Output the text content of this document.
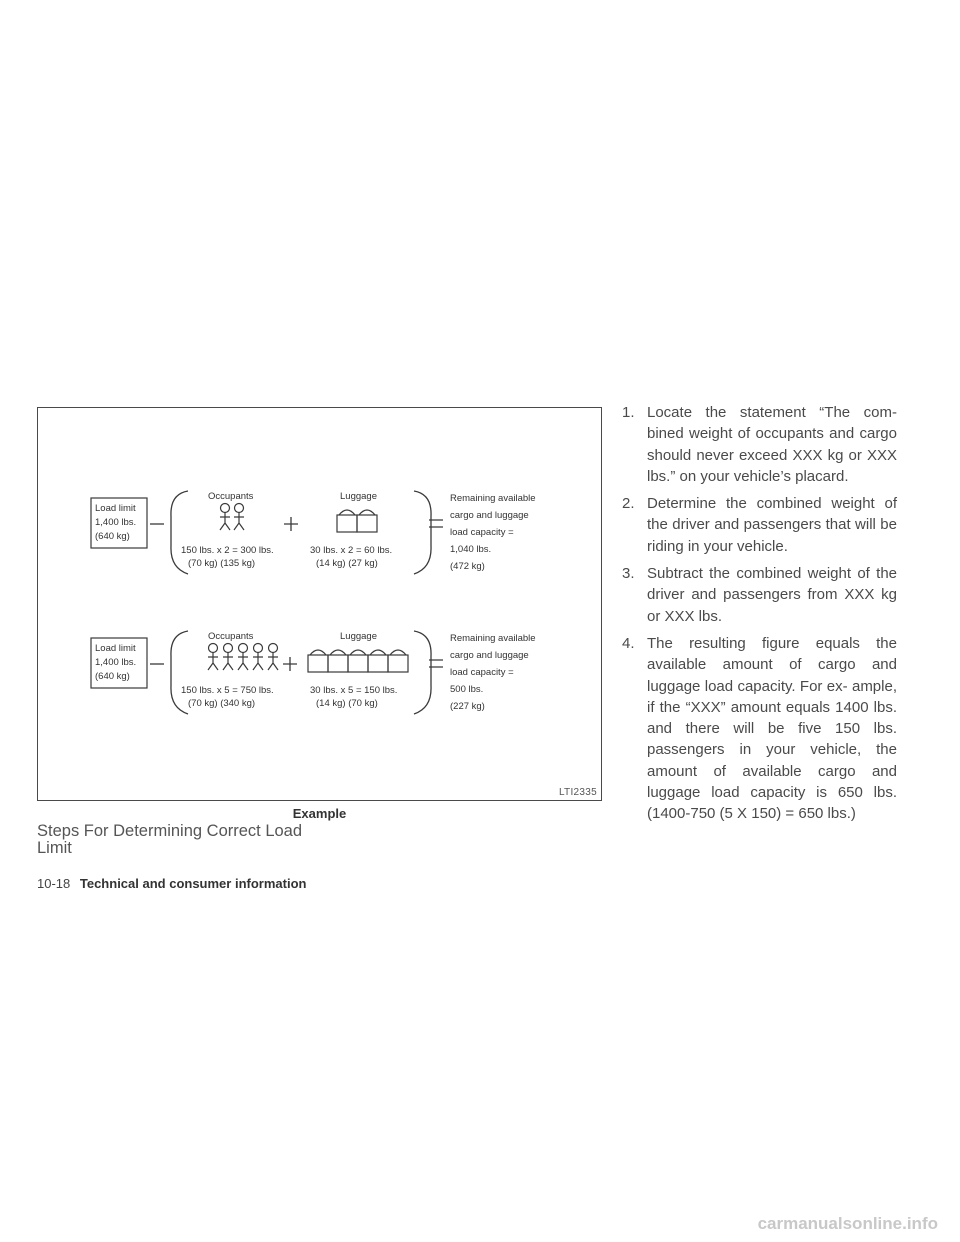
Load limit
1,400 lbs.
(640 kg)
Occupants
150 lbs. x 2 = 300 lbs.
(70 kg) (135 kg)
Luggage
30 lbs. x 2 = 60 lbs.
(14 kg) (27 kg)
Remaining available
cargo and luggage
load capacity =
1,040 lbs.
(472 kg)
Load limit
1,400 lbs.
(640 kg)
Occupants
150 lbs. x 5 = 750 lbs.
(70 kg) (340 kg)
Luggage
30 lbs. x 5 = 150 lbs.
(14 kg) (70 kg)
Remaining available
cargo and luggage
load capacity =
500 lbs.
(227 kg)
LTI2335
Example
Steps For Determining Correct Load Limit
1. Locate the statement “The com- bined weight of occupants and cargo should never exceed XXX kg or XXX lbs.” on your vehicle’s placard.
2. Determine the combined weight of the driver and passengers that will be riding in your vehicle.
3. Subtract the combined weight of the driver and passengers from XXX kg or XXX lbs.
4. The resulting figure equals the available amount of cargo and luggage load capacity. For ex- ample, if the “XXX” amount equals 1400 lbs. and there will be five 150 lbs. passengers in your vehicle, the amount of available cargo and luggage load capacity is 650 lbs. (1400-750 (5 X 150) = 650 lbs.)
10-18 Technical and consumer information
carmanualsonline.info
